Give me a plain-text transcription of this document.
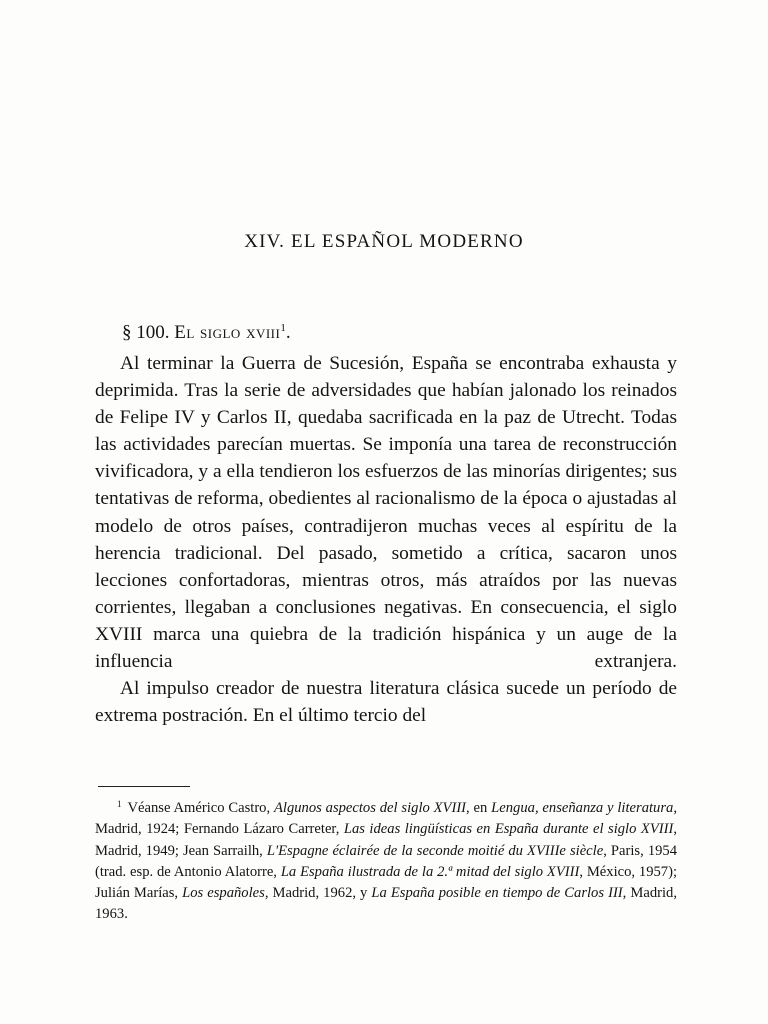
XIV. EL ESPAÑOL MODERNO
§ 100. El siglo xviii$^1$.

Al terminar la Guerra de Sucesión, España se encontraba exhausta y deprimida. Tras la serie de adversidades que habían jalonado los reinados de Felipe IV y Carlos II, quedaba sacrificada en la paz de Utrecht. Todas las actividades parecían muertas. Se imponía una tarea de reconstrucción vivificadora, y a ella tendieron los esfuerzos de las minorías dirigentes; sus tentativas de reforma, obedientes al racionalismo de la época o ajustadas al modelo de otros países, contradijeron muchas veces al espíritu de la herencia tradicional. Del pasado, sometido a crítica, sacaron unos lecciones confortadoras, mientras otros, más atraídos por las nuevas corrientes, llegaban a conclusiones negativas. En consecuencia, el siglo XVIII marca una quiebra de la tradición hispánica y un auge de la influencia extranjera.

Al impulso creador de nuestra literatura clásica sucede un período de extrema postración. En el último tercio del

$^1$ Véanse Américo Castro, Algunos aspectos del siglo XVIII, en Lengua, enseñanza y literatura, Madrid, 1924; Fernando Lázaro Carreter, Las ideas lingüísticas en España durante el siglo XVIII, Madrid, 1949; Jean Sarrailh, L'Espagne éclairée de la seconde moitié du XVIIIe siècle, Paris, 1954 (trad. esp. de Antonio Alatorre, La España ilustrada de la 2.ª mitad del siglo XVIII, México, 1957); Julián Marías, Los españoles, Madrid, 1962, y La España posible en tiempo de Carlos III, Madrid, 1963.
